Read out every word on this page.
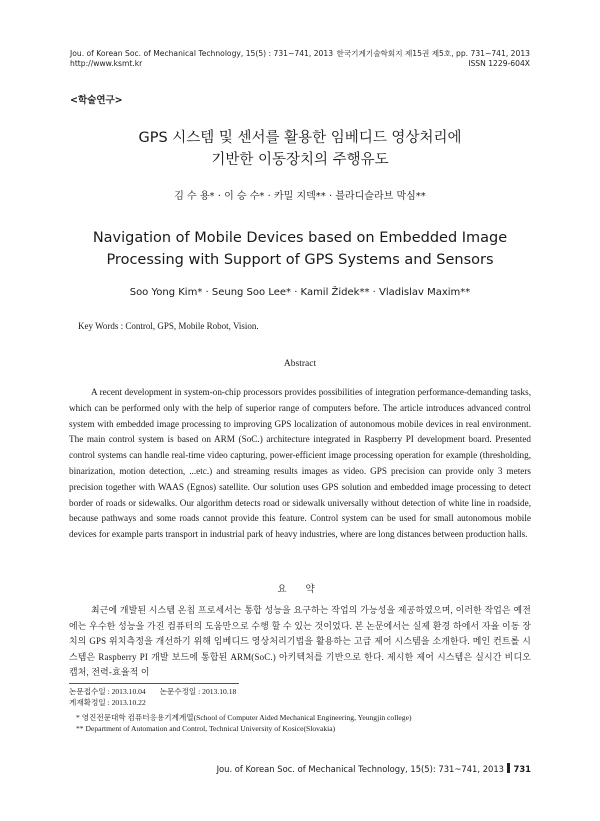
Jou. of Korean Soc. of Mechanical Technology, 15(5) : 731~741, 2013
http://www.ksmt.kr
한국기계기술학회지 제15권 제5호, pp. 731~741, 2013
ISSN 1229-604X
<학술연구>
GPS 시스템 및 센서를 활용한 임베디드 영상처리에
기반한 이동장치의 주행유도
김 수 용* · 이 승 수* · 카밀 지덱** · 블라디슬라브 막심**
Navigation of Mobile Devices based on Embedded Image
Processing with Support of GPS Systems and Sensors
Soo Yong Kim* · Seung Soo Lee* · Kamil Židek** · Vladislav Maxim**
Key Words : Control, GPS, Mobile Robot, Vision.
Abstract
A recent development in system-on-chip processors provides possibilities of integration performance-demanding tasks, which can be performed only with the help of superior range of computers before. The article introduces advanced control system with embedded image processing to improving GPS localization of autonomous mobile devices in real environment. The main control system is based on ARM (SoC.) architecture integrated in Raspberry PI development board. Presented control systems can handle real-time video capturing, power-efficient image processing operation for example (thresholding, binarization, motion detection, ...etc.) and streaming results images as video. GPS precision can provide only 3 meters precision together with WAAS (Egnos) satellite. Our solution uses GPS solution and embedded image processing to detect border of roads or sidewalks. Our algorithm detects road or sidewalk universally without detection of white line in roadside, because pathways and some roads cannot provide this feature. Control system can be used for small autonomous mobile devices for example parts transport in industrial park of heavy industries, where are long distances between production halls.
요 약
최근에 개발된 시스템 온칩 프로세서는 통합 성능을 요구하는 작업의 가능성을 제공하였으며, 이러한 작업은 예전에는 우수한 성능을 가진 컴퓨터의 도움만으로 수행 할 수 있는 것이었다. 본 논문에서는 실제 환경 하에서 자율 이동 장치의 GPS 위치측정을 개선하기 위해 임베디드 영상처리기법을 활용하는 고급 제어 시스템을 소개한다. 메인 컨트롤 시스템은 Raspberry PI 개발 보드에 통합된 ARM(SoC.) 아키텍처를 기반으로 한다. 제시한 제어 시스템은 실시간 비디오 캡처, 전력-효율적 이
논문접수일 : 2013.10.04 논문수정일 : 2013.10.18
게재확정일 : 2013.10.22
* 영진전문대학 컴퓨터응용기계계열(School of Computer Aided Mechanical Engineering, Yeungjin college)
** Department of Automation and Control, Technical University of Kosice(Slovakia)
Jou. of Korean Soc. of Mechanical Technology, 15(5): 731~741, 2013 731
